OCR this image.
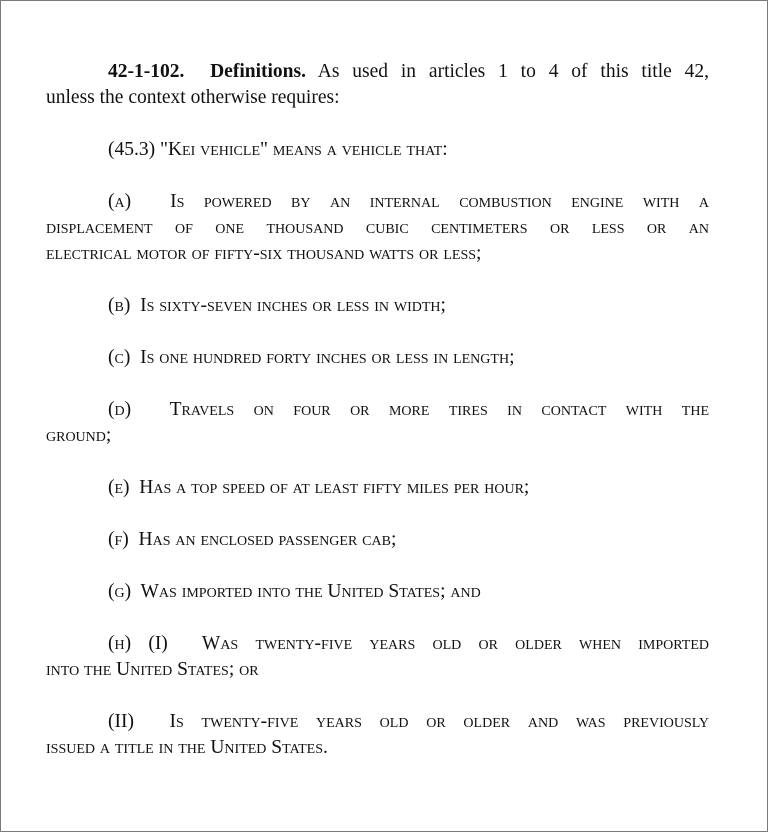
42-1-102. Definitions. As used in articles 1 to 4 of this title 42,
unless the context otherwise requires:

(45.3) "Kei vehicle" means a vehicle that:

(a) Is powered by an internal combustion engine with a
displacement of one thousand cubic centimeters or less or an
electrical motor of fifty-six thousand watts or less;

(b) Is sixty-seven inches or less in width;

(c) Is one hundred forty inches or less in length;

(d) Travels on four or more tires in contact with the
ground;

(e) Has a top speed of at least fifty miles per hour;

(f) Has an enclosed passenger cab;

(g) Was imported into the United States; and

(h) (I) Was twenty-five years old or older when imported
into the United States; or

(II) Is twenty-five years old or older and was previously
issued a title in the United States.
